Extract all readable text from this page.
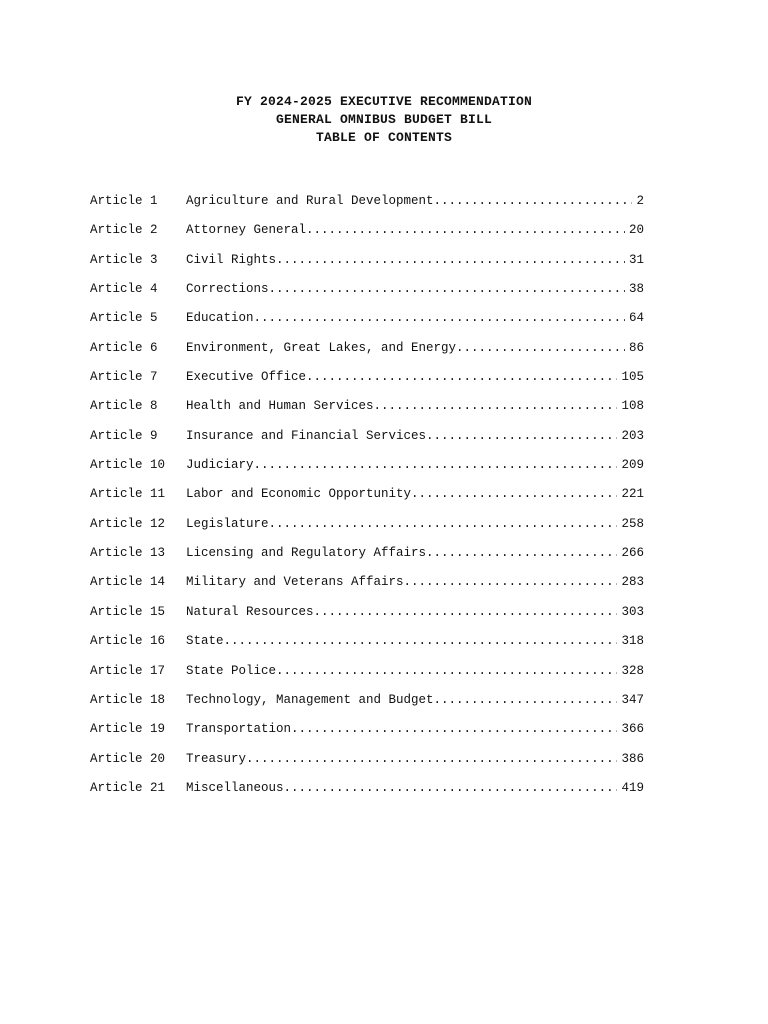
FY 2024-2025 EXECUTIVE RECOMMENDATION
GENERAL OMNIBUS BUDGET BILL
TABLE OF CONTENTS
Article 1	Agriculture and Rural Development .....	2
Article 2	Attorney General .....	20
Article 3	Civil Rights .....	31
Article 4	Corrections .....	38
Article 5	Education .....	64
Article 6	Environment, Great Lakes, and Energy .....	86
Article 7	Executive Office .....	105
Article 8	Health and Human Services .....	108
Article 9	Insurance and Financial Services .....	203
Article 10	Judiciary .....	209
Article 11	Labor and Economic Opportunity .....	221
Article 12	Legislature .....	258
Article 13	Licensing and Regulatory Affairs .....	266
Article 14	Military and Veterans Affairs .....	283
Article 15	Natural Resources .....	303
Article 16	State .....	318
Article 17	State Police .....	328
Article 18	Technology, Management and Budget .....	347
Article 19	Transportation .....	366
Article 20	Treasury .....	386
Article 21	Miscellaneous .....	419
